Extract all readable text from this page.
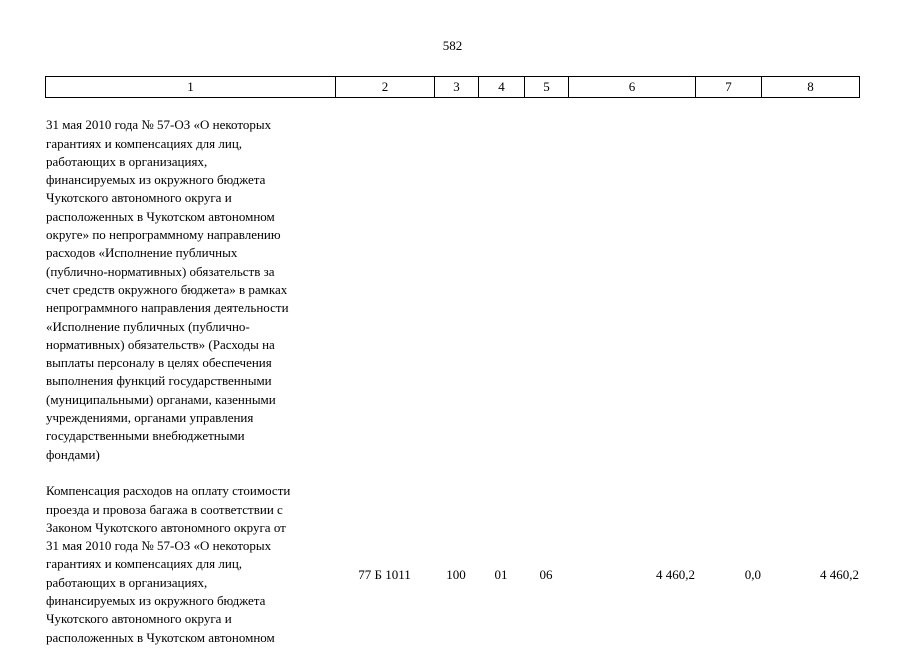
582
1	2	3	4	5	6	7	8

31 мая 2010 года № 57-ОЗ «О некоторых
гарантиях и компенсациях для лиц,
работающих в организациях,
финансируемых из окружного бюджета
Чукотского автономного округа и
расположенных в Чукотском автономном
округе» по непрограммному направлению
расходов «Исполнение публичных
(публично-нормативных) обязательств за
счет средств окружного бюджета» в рамках
непрограммного направления деятельности
«Исполнение публичных (публично-
нормативных) обязательств» (Расходы на
выплаты персоналу в целях обеспечения
выполнения функций государственными
(муниципальными) органами, казенными
учреждениями, органами управления
государственными внебюджетными
фондами)

Компенсация расходов на оплату стоимости
проезда и провоза багажа в соответствии с
Законом Чукотского автономного округа от
31 мая 2010 года № 57-ОЗ «О некоторых
гарантиях и компенсациях для лиц,
работающих в организациях,
финансируемых из окружного бюджета
Чукотского автономного округа и
расположенных в Чукотском автономном

77 Б 1011	100	01	06	4 460,2	0,0	4 460,2
